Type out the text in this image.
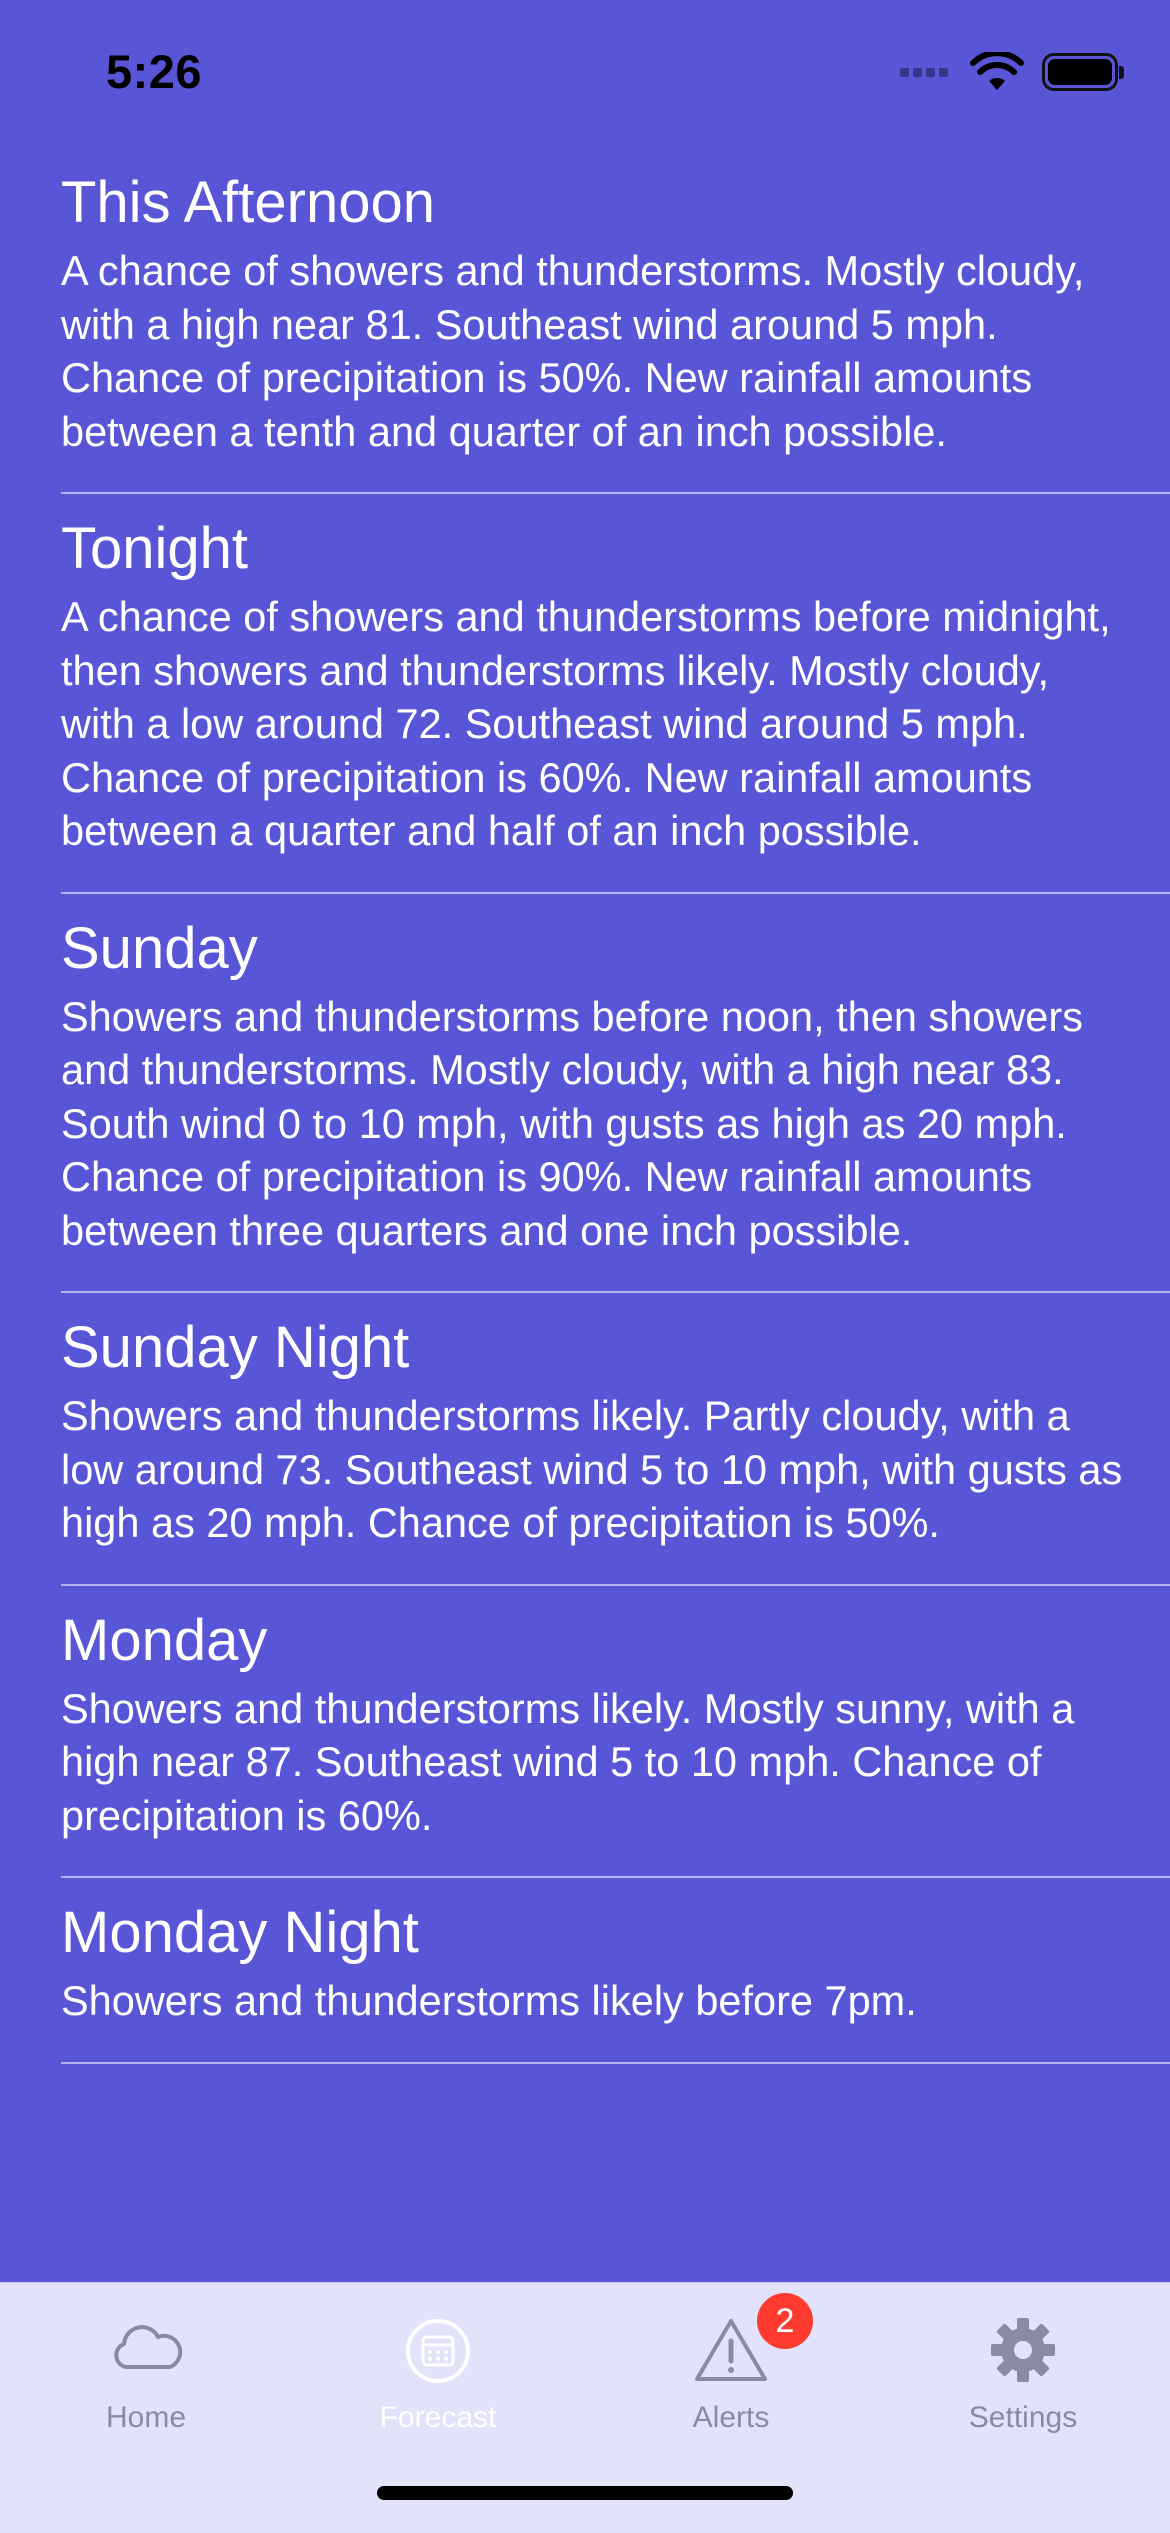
5:26
This Afternoon

A chance of showers and thunderstorms. Mostly cloudy, with a high near 81. Southeast wind around 5 mph. Chance of precipitation is 50%. New rainfall amounts between a tenth and quarter of an inch possible.

Tonight

A chance of showers and thunderstorms before midnight, then showers and thunderstorms likely. Mostly cloudy, with a low around 72. Southeast wind around 5 mph. Chance of precipitation is 60%. New rainfall amounts between a quarter and half of an inch possible.

Sunday

Showers and thunderstorms before noon, then showers and thunderstorms. Mostly cloudy, with a high near 83. South wind 0 to 10 mph, with gusts as high as 20 mph. Chance of precipitation is 90%. New rainfall amounts between three quarters and one inch possible.

Sunday Night

Showers and thunderstorms likely. Partly cloudy, with a low around 73. Southeast wind 5 to 10 mph, with gusts as high as 20 mph. Chance of precipitation is 50%.

Monday

Showers and thunderstorms likely. Mostly sunny, with a high near 87. Southeast wind 5 to 10 mph. Chance of precipitation is 60%.

Monday Night

Showers and thunderstorms likely before 7pm.

Home	Forecast
2
Alerts	Settings
